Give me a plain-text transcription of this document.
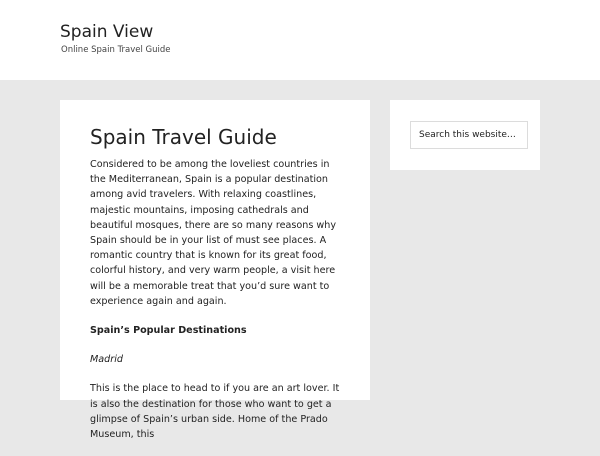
Spain View
Online Spain Travel Guide
Spain Travel Guide

Considered to be among the loveliest countries in the Mediterranean, Spain is a popular destination among avid travelers. With relaxing coastlines, majestic mountains, imposing cathedrals and beautiful mosques, there are so many reasons why Spain should be in your list of must see places. A romantic country that is known for its great food, colorful history, and very warm people, a visit here will be a memorable treat that you’d sure want to experience again and again.

Spain’s Popular Destinations

Madrid

This is the place to head to if you are an art lover. It is also the destination for those who want to get a glimpse of Spain’s urban side. Home of the Prado Museum, this

Search this website…
